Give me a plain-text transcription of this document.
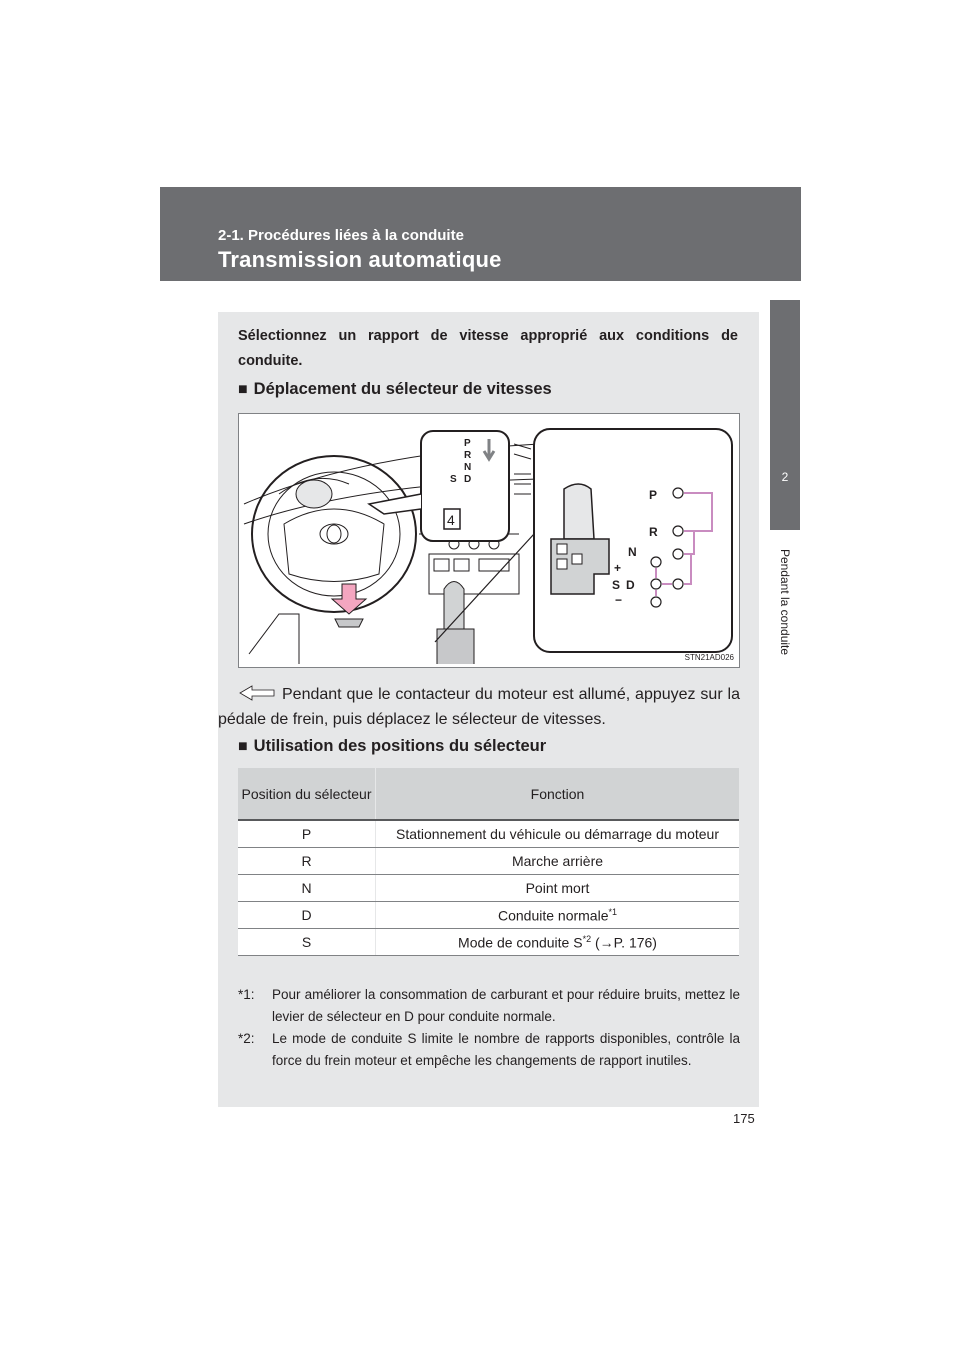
2-1. Procédures liées à la conduite
Transmission automatique
2
Pendant la conduite
Sélectionnez un rapport de vitesse approprié aux conditions de conduite.
■ Déplacement du sélecteur de vitesses
P
R
N
D
S
4
P
R
N
+
S D
−
STN21AD026
Pendant que le contacteur du moteur est allumé, appuyez sur la pédale de frein, puis déplacez le sélecteur de vitesses.
■ Utilisation des positions du sélecteur
Position du sélecteur	Fonction
P	Stationnement du véhicule ou démarrage du moteur
R	Marche arrière
N	Point mort
D	Conduite normale$^{*1}$
S	Mode de conduite $S^{*2}$ (→P. 176)
*1: Pour améliorer la consommation de carburant et pour réduire bruits, mettez le levier de sélecteur en D pour conduite normale.
*2: Le mode de conduite S limite le nombre de rapports disponibles, contrôle la force du frein moteur et empêche les changements de rapport inutiles.
175
